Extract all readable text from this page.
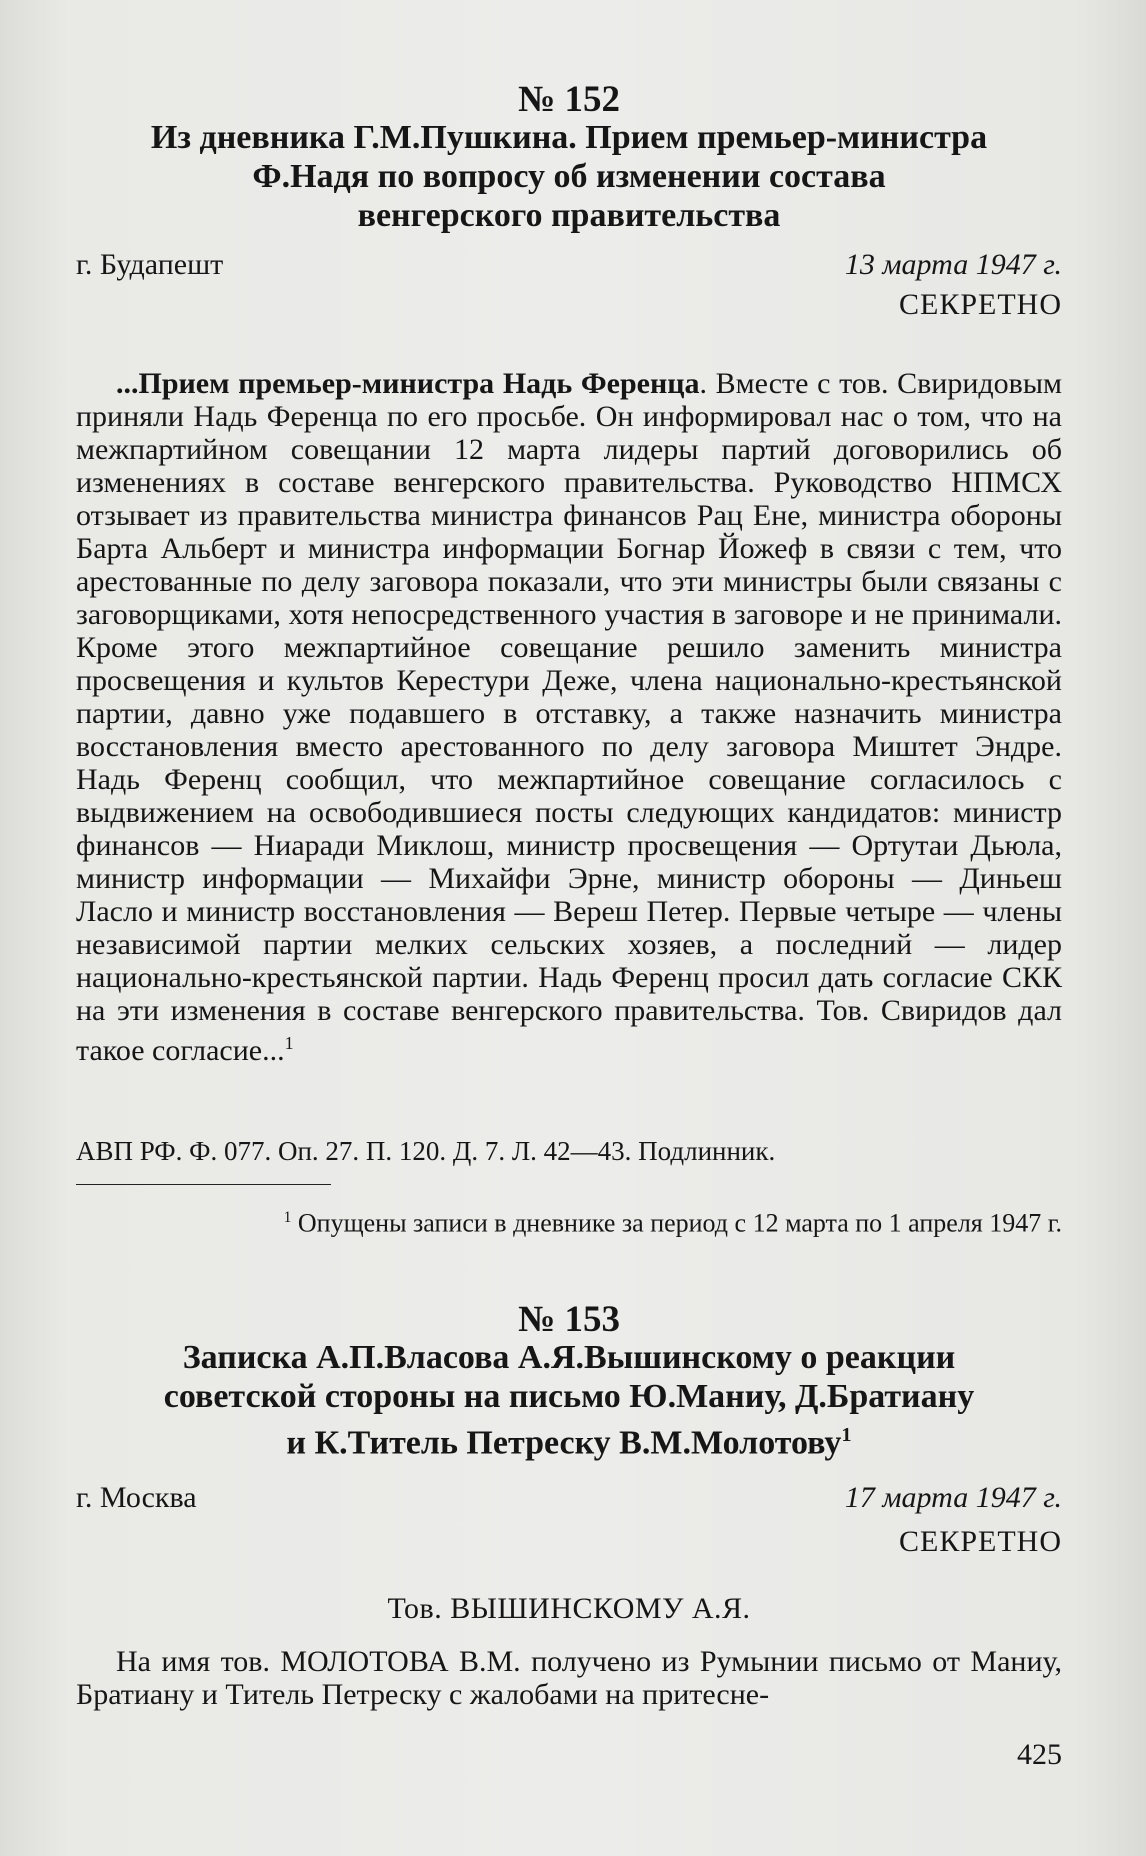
№ 152
Из дневника Г.М.Пушкина. Прием премьер-министра
Ф.Надя по вопросу об изменении состава
венгерского правительства
г. Будапешт	13 марта 1947 г.
СЕКРЕТНО
...Прием премьер-министра Надь Ференца. Вместе с тов. Свиридовым приняли Надь Ференца по его просьбе. Он информировал нас о том, что на межпартийном совещании 12 марта лидеры партий договорились об изменениях в составе венгерского правительства. Руководство НПМСХ отзывает из правительства министра финансов Рац Ене, министра обороны Барта Альберт и министра информации Богнар Йожеф в связи с тем, что арестованные по делу заговора показали, что эти министры были связаны с заговорщиками, хотя непосредственного участия в заговоре и не принимали. Кроме этого межпартийное совещание решило заменить министра просвещения и культов Керестури Деже, члена национально-крестьянской партии, давно уже подавшего в отставку, а также назначить министра восстановления вместо арестованного по делу заговора Миштет Эндре. Надь Ференц сообщил, что межпартийное совещание согласилось с выдвижением на освободившиеся посты следующих кандидатов: министр финансов — Ниаради Миклош, министр просвещения — Ортутаи Дьюла, министр информации — Михайфи Эрне, министр обороны — Диньеш Ласло и министр восстановления — Вереш Петер. Первые четыре — члены независимой партии мелких сельских хозяев, а последний — лидер национально-крестьянской партии. Надь Ференц просил дать согласие СКК на эти изменения в составе венгерского правительства. Тов. Свиридов дал такое согласие...$^1$
АВП РФ. Ф. 077. Оп. 27. П. 120. Д. 7. Л. 42—43. Подлинник.
$^1$ Опущены записи в дневнике за период с 12 марта по 1 апреля 1947 г.
№ 153
Записка А.П.Власова А.Я.Вышинскому о реакции
советской стороны на письмо Ю.Маниу, Д.Братиану
и К.Титель Петреску В.М.Молотову$^1$
г. Москва	17 марта 1947 г.
СЕКРЕТНО
Тов. ВЫШИНСКОМУ А.Я.
На имя тов. МОЛОТОВА В.М. получено из Румынии письмо от Маниу, Братиану и Титель Петреску с жалобами на притесне-
425
